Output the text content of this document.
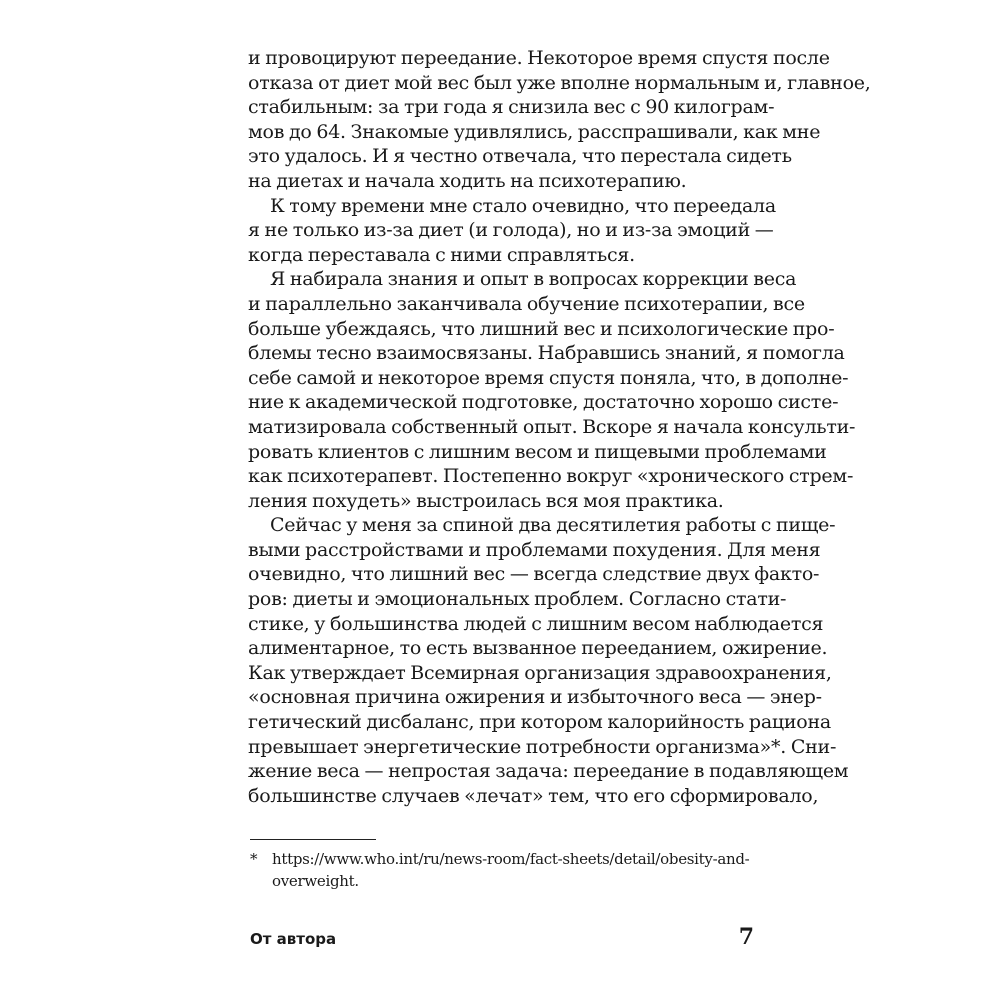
и провоцируют переедание. Некоторое время спустя после
отказа от диет мой вес был уже вполне нормальным и, главное,
стабильным: за три года я снизила вес с 90 килограм-
мов до 64. Знакомые удивлялись, расспрашивали, как мне
это удалось. И я честно отвечала, что перестала сидеть
на диетах и начала ходить на психотерапию.
К тому времени мне стало очевидно, что переедала
я не только из-за диет (и голода), но и из-за эмоций —
когда переставала с ними справляться.
Я набирала знания и опыт в вопросах коррекции веса
и параллельно заканчивала обучение психотерапии, все
больше убеждаясь, что лишний вес и психологические про-
блемы тесно взаимосвязаны. Набравшись знаний, я помогла
себе самой и некоторое время спустя поняла, что, в дополне-
ние к академической подготовке, достаточно хорошо систе-
матизировала собственный опыт. Вскоре я начала консульти-
ровать клиентов с лишним весом и пищевыми проблемами
как психотерапевт. Постепенно вокруг «хронического стрем-
ления похудеть» выстроилась вся моя практика.
Сейчас у меня за спиной два десятилетия работы с пище-
выми расстройствами и проблемами похудения. Для меня
очевидно, что лишний вес — всегда следствие двух факто-
ров: диеты и эмоциональных проблем. Согласно стати-
стике, у большинства людей с лишним весом наблюдается
алиментарное, то есть вызванное перееданием, ожирение.
Как утверждает Всемирная организация здравоохранения,
«основная причина ожирения и избыточного веса — энер-
гетический дисбаланс, при котором калорийность рациона
превышает энергетические потребности организма»*. Сни-
жение веса — непростая задача: переедание в подавляющем
большинстве случаев «лечат» тем, что его сформировало,
* https://www.who.int/ru/news-room/fact-sheets/detail/obesity-and-
overweight.
От автора	7
